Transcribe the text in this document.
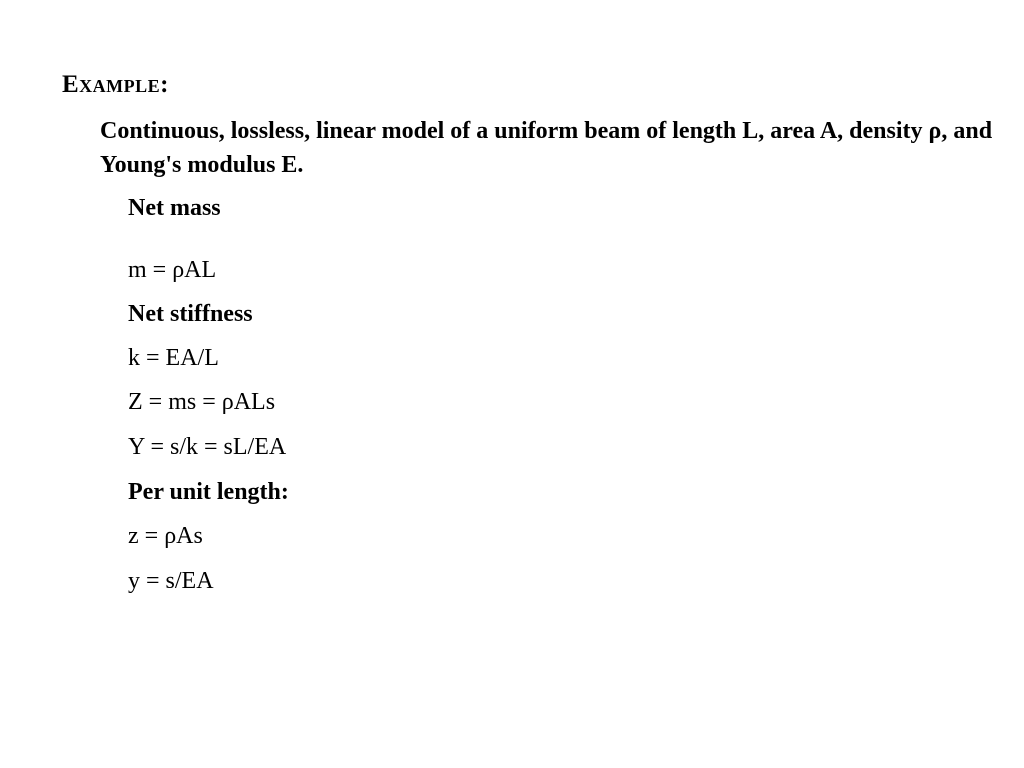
Example:
Continuous, lossless, linear model of a uniform beam of length L, area A, density ρ, and Young's modulus E.
Net mass
m = ρAL
Net stiffness
k = EA/L
Z = ms = ρALs
Y = s/k = sL/EA
Per unit length:
z = ρAs
y = s/EA
